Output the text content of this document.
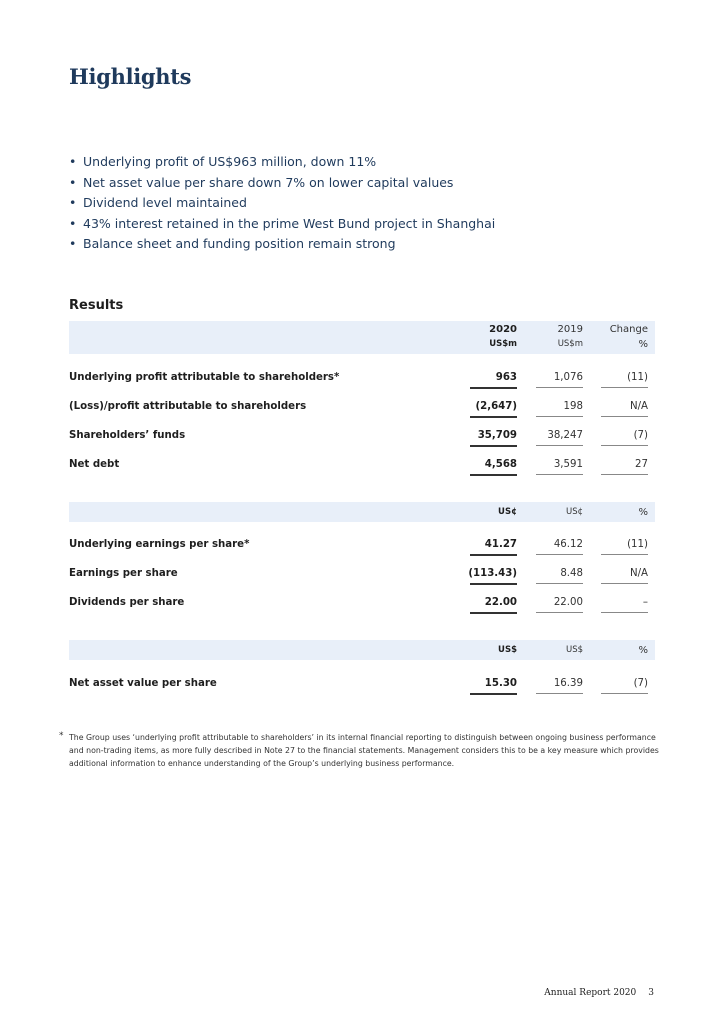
Highlights
• Underlying profit of US$963 million, down 11%
• Net asset value per share down 7% on lower capital values
• Dividend level maintained
• 43% interest retained in the prime West Bund project in Shanghai
• Balance sheet and funding position remain strong
Results
2020	2019	Change
US$m	US$m	%
Underlying profit attributable to shareholders*	963	1,076	(11)
(Loss)/profit attributable to shareholders	(2,647)	198	N/A
Shareholders’ funds	35,709	38,247	(7)
Net debt	4,568	3,591	27
US¢	US¢	%
Underlying earnings per share*	41.27	46.12	(11)
Earnings per share	(113.43)	8.48	N/A
Dividends per share	22.00	22.00	–
US$	US$	%
Net asset value per share	15.30	16.39	(7)
* The Group uses ‘underlying profit attributable to shareholders’ in its internal financial reporting to distinguish between ongoing business performance and non-trading items, as more fully described in Note 27 to the financial statements. Management considers this to be a key measure which provides additional information to enhance understanding of the Group’s underlying business performance.
Annual Report 2020 3
